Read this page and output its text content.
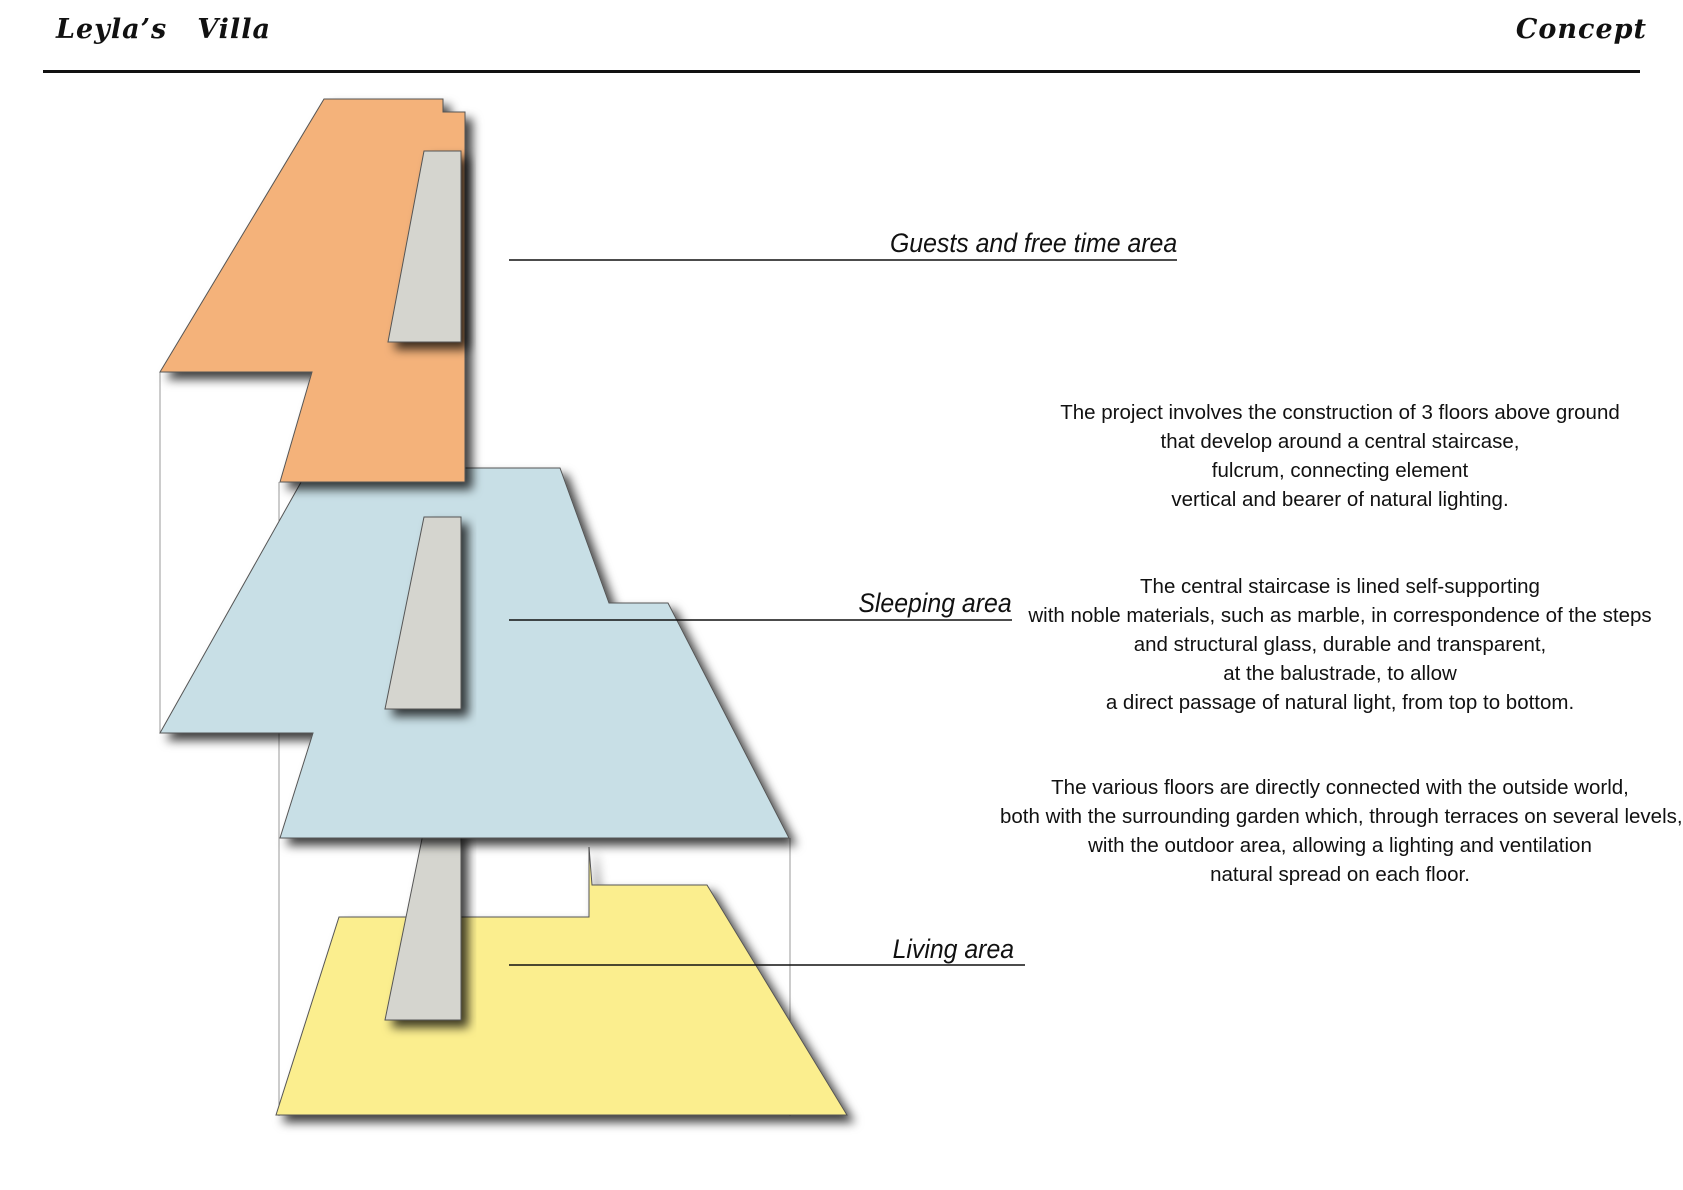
Leyla’s Villa	Concept
Guests and free time area
Sleeping area
Living area
The project involves the construction of 3 floors above ground
that develop around a central staircase,
fulcrum, connecting element
vertical and bearer of natural lighting.
The central staircase is lined self-supporting
with noble materials, such as marble, in correspondence of the steps
and structural glass, durable and transparent,
at the balustrade, to allow
a direct passage of natural light, from top to bottom.
The various floors are directly connected with the outside world,
both with the surrounding garden which, through terraces on several levels,
with the outdoor area, allowing a lighting and ventilation
natural spread on each floor.
